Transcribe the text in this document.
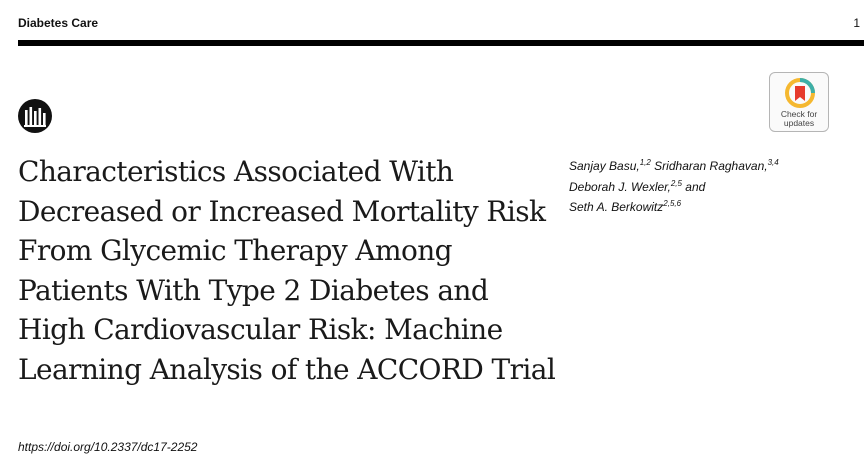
Diabetes Care	1
Check for
updates
Characteristics Associated With Decreased or Increased Mortality Risk From Glycemic Therapy Among Patients With Type 2 Diabetes and High Cardiovascular Risk: Machine Learning Analysis of the ACCORD Trial
Sanjay Basu,$^{1,2}$ Sridharan Raghavan,$^{3,4}$
Deborah J. Wexler,$^{2,5}$ and
Seth A. Berkowitz$^{2,5,6}$
https://doi.org/10.2337/dc17-2252
